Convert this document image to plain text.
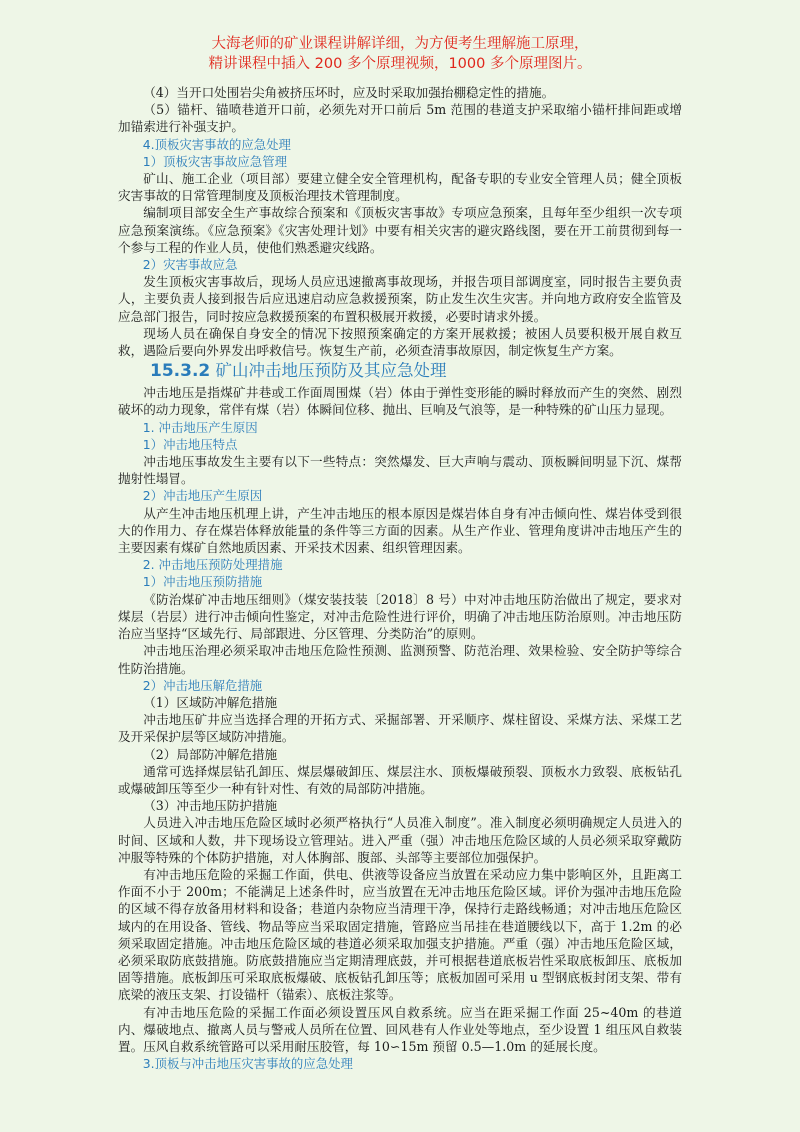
大海老师的矿业课程讲解详细，为方便考生理解施工原理，
精讲课程中插入 200 多个原理视频，1000 多个原理图片。

（4）当开口处围岩尖角被挤压坏时，应及时采取加强抬棚稳定性的措施。

（5）锚杆、锚喷巷道开口前，必须先对开口前后 5m 范围的巷道支护采取缩小锚杆排间距或增加锚索进行补强支护。

4.顶板灾害事故的应急处理
1）顶板灾害事故应急管理

矿山、施工企业（项目部）要建立健全安全管理机构，配备专职的专业安全管理人员；健全顶板灾害事故的日常管理制度及顶板治理技术管理制度。

编制项目部安全生产事故综合预案和《顶板灾害事故》专项应急预案，且每年至少组织一次专项应急预案演练。《应急预案》《灾害处理计划》中要有相关灾害的避灾路线图，要在开工前贯彻到每一个参与工程的作业人员，使他们熟悉避灾线路。

2）灾害事故应急

发生顶板灾害事故后，现场人员应迅速撤离事故现场，并报告项目部调度室，同时报告主要负责人，主要负责人接到报告后应迅速启动应急救援预案，防止发生次生灾害。并向地方政府安全监管及应急部门报告，同时按应急救援预案的布置积极展开救援，必要时请求外援。

现场人员在确保自身安全的情况下按照预案确定的方案开展救援；被困人员要积极开展自救互救，遇险后要向外界发出呼救信号。恢复生产前，必须查清事故原因，制定恢复生产方案。

15.3.2 矿山冲击地压预防及其应急处理

冲击地压是指煤矿井巷或工作面周围煤（岩）体由于弹性变形能的瞬时释放而产生的突然、剧烈破坏的动力现象，常伴有煤（岩）体瞬间位移、抛出、巨响及气浪等，是一种特殊的矿山压力显现。

1. 冲击地压产生原因
1）冲击地压特点

冲击地压事故发生主要有以下一些特点：突然爆发、巨大声响与震动、顶板瞬间明显下沉、煤帮抛射性塌冒。

2）冲击地压产生原因

从产生冲击地压机理上讲，产生冲击地压的根本原因是煤岩体自身有冲击倾向性、煤岩体受到很大的作用力、存在煤岩体释放能量的条件等三方面的因素。从生产作业、管理角度讲冲击地压产生的主要因素有煤矿自然地质因素、开采技术因素、组织管理因素。

2. 冲击地压预防处理措施
1）冲击地压预防措施

《防治煤矿冲击地压细则》（煤安装技装〔2018〕8 号）中对冲击地压防治做出了规定，要求对煤层（岩层）进行冲击倾向性鉴定，对冲击危险性进行评价，明确了冲击地压防治原则。冲击地压防治应当坚持“区域先行、局部跟进、分区管理、分类防治”的原则。

冲击地压治理必须采取冲击地压危险性预测、监测预警、防范治理、效果检验、安全防护等综合性防治措施。

2）冲击地压解危措施

（1）区域防冲解危措施

冲击地压矿井应当选择合理的开拓方式、采掘部署、开采顺序、煤柱留设、采煤方法、采煤工艺及开采保护层等区域防冲措施。

（2）局部防冲解危措施

通常可选择煤层钻孔卸压、煤层爆破卸压、煤层注水、顶板爆破预裂、顶板水力致裂、底板钻孔或爆破卸压等至少一种有针对性、有效的局部防冲措施。

（3）冲击地压防护措施

人员进入冲击地压危险区域时必须严格执行“人员准入制度”。准入制度必须明确规定人员进入的时间、区域和人数，井下现场设立管理站。进入严重（强）冲击地压危险区域的人员必须采取穿戴防冲服等特殊的个体防护措施，对人体胸部、腹部、头部等主要部位加强保护。

有冲击地压危险的采掘工作面，供电、供液等设备应当放置在采动应力集中影响区外，且距离工作面不小于 200m；不能满足上述条件时，应当放置在无冲击地压危险区域。评价为强冲击地压危险的区域不得存放备用材料和设备；巷道内杂物应当清理干净，保持行走路线畅通；对冲击地压危险区域内的在用设备、管线、物品等应当采取固定措施，管路应当吊挂在巷道腰线以下，高于 1.2m 的必须采取固定措施。冲击地压危险区域的巷道必须采取加强支护措施。严重（强）冲击地压危险区域，必须采取防底鼓措施。防底鼓措施应当定期清理底鼓，并可根据巷道底板岩性采取底板卸压、底板加固等措施。底板卸压可采取底板爆破、底板钻孔卸压等；底板加固可采用 u 型钢底板封闭支架、带有底梁的液压支架、打设锚杆（锚索）、底板注浆等。

有冲击地压危险的采掘工作面必须设置压风自救系统。应当在距采掘工作面 25~40m 的巷道内、爆破地点、撤离人员与警戒人员所在位置、回风巷有人作业处等地点，至少设置 1 组压风自救装置。压风自救系统管路可以采用耐压胶管，每 10∽15m 预留 0.5—1.0m 的延展长度。

3.顶板与冲击地压灾害事故的应急处理
